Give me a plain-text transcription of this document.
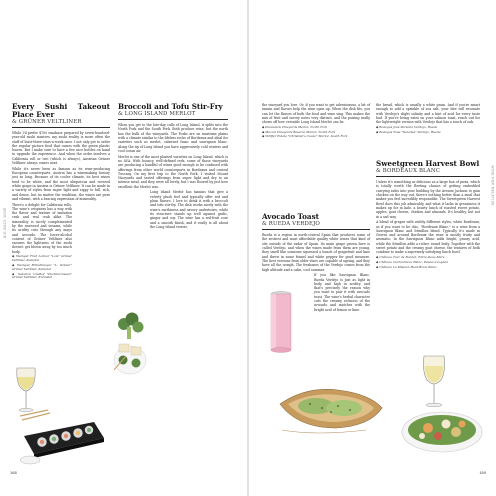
BIG BACK WINE
168
Every Sushi Takeout Place Ever
& GRÜNER VELTLINER

While I'd prefer $700 omakase prepared by seven-hundred-year-old sushi masters, my sushi reality is more often the stuff of least-three-stars-a-week ones. I not only get to order the regular picture food that comes with the green plastic leaves. But I make sure to have a few nice bottles on hand to upgrade the experience. And when the order involves a California roll or two (which is always), Austrian Grüner Veltliner always comes next.

While it's never been as famous as its wine-producing European counterparts, Austria has a winemaking history just as long. Because of its cooler climate, its best wines tend to be white, and the most ubiquitous and revered white grape in Austria is Grüner Veltliner. It can be made in a variety of styles from super light and zippy to full, rich, and dense, but no matter the rendition, the wines are pure and vibrant, with a bracing expression of minerality.

There's a delight for California rolls. The wine's crispness has a way with the flavor and texture of imitation crab and real crab alike. The minerality is nicely complemented by the seaweed and sesame, while its acidity cuts through any mayo and avocado. The lower-alcohol content of Grüner Veltliner also ensures the lightness of the sushi doesn't get blown away by too much body.

◆ Weingut Fred Loimer "Lois" Grüner Veltliner, Kamptal
◆ Weingut Bründlmayer "L. Grüner" Grüner Veltliner, Kamptal
◆ Salomon Undhof "Hochterrassen" Grüner Veltliner, Kremstal
Broccoli and Tofu Stir-Fry
& LONG ISLAND MERLOT

When you get to the late-day calls of Long Island, it splits into the North Fork and the South Fork. Both produce wine, but the north has the bulk of the vineyards. The Forks are on maritime plains with a climate similar to the lifeless rocks of Bordeaux and ideal for varieties such as merlot, cabernet franc and sauvignon blanc. Along the tip of Long Island you have aggressively cold winters and cool ocean air.

Merlot is one of the most planted varieties on Long Island, which is no AVA. With bouncy, well-defined reds, some of those vineyards are producing a handful of wines good enough to be confused with offerings from other world counterparts in Bordeaux and central Tuscany. On my first trip to the North Fork, I visited Mount Vineyards and tasted offerings from super light and dry to an intense meal, and they were all lovely, but I was floored by just how excellent the Merlot was.

Long Island Merlot has tannins that give a velvety plush feel and typically offer red and plum flavors. I love to drink it with a broccoli and tofu stir-fry. The dish works nicely with the wine's earthiness and savory undertones, while its structure stands up well against garlic, ginger and soy. The wine has a red-fruit core and a smooth finish, and it really is all about the Long Island terroir.

WINE FOR RELATIVE
169

the vineyard you love. Or, if you want to get adventurous, a bit of tannin and flavors help the wine open up. When the dish fits, you can let the flavors of both the food and wine sing. This makes the mix of fruit and savory notes very distinct, and the pairing really shows off how versatile Long Island Merlot can be.

◆ Paumanok Vineyards Merlot, North Fork
◆ Macari Vineyards Reserve Merlot, North Fork
◆ Wölffer Estate "Christian's Cuvée" Merlot, South Fork
Avocado Toast
& RUEDA VERDEJO

Rueda is a region in north-central Spain that produces some of the zestiest and most affordable quality white wines that kind of sits outside of the radar of Spain. Its main grape grown here is called Verdejo, and when the wines made from them are young, they smell like someone squeezed a bunch of grapefruit and lime and threw in some fennel and white pepper for good measure. The best versions from older vines are capable of ageing, and they have all the oomph. The freshness of the Verdejo comes from the high altitude and a calm, cool summer.

If you like Sauvignon Blanc, Rueda Verdejo is just as light in body and high in acidity, and that's precisely the reason why you want to pair it with avocado toast. The wine's herbal character cuts the creamy richness of the avocado and matches with the bright acid of lemon or lime.

the bread, which is usually a white grain. And if you're smart enough to add a sprinkle of sea salt, your bite will resonate with Verdejo's slight salinity and a hint of acid for every taste bud. If you're being extra on your salmon toast, reach out for the lightweight version with Verdejo that has a touch of oak.

◆ Bodegas José Pariente Verdejo, Rueda
◆ Bodegas Naia "Naiades" Verdejo, Rueda
Sweetgreen Harvest Bowl
& BORDEAUX BLANC

Unless it's something as delicious as a large box of pizza, which is totally worth the fleeting chance of getting embedded carrying sides into your building by the Avenue Jackson to gain chicken on the way out, there's nothing better than a meal that makes you feel incredibly responsible. The Sweetgreen Harvest Bowl does this job admirably, and what it lacks in greasiness it makes up for in kale, a hearty lunch of roasted sweet potato, apples, goat cheese, chicken and almonds. It's healthy, but not in a sad way.

A blend of grapes with widely different styles, white Bordeaux, as if you want to be chic, "Bordeaux Blanc," is a wine from a Sauvignon Blanc and Sémillon blend. Typically it's made in Graves and around Bordeaux the wine is mostly fruity and aromatic. In the Sauvignon Blanc adds bright, grassy acid, while the Sémillon adds a richer, round body. Together with the sweet potato and the creamy goat cheese, the textures of both combine to make a supremely satisfying lunch bowl.

◆ Château Tour de Bonnet, Entre-Deux-Mers
◆ Château Carbonnieux Blanc, Pessac-Léognan
◆ Château La Mission Haut-Brion Blanc
